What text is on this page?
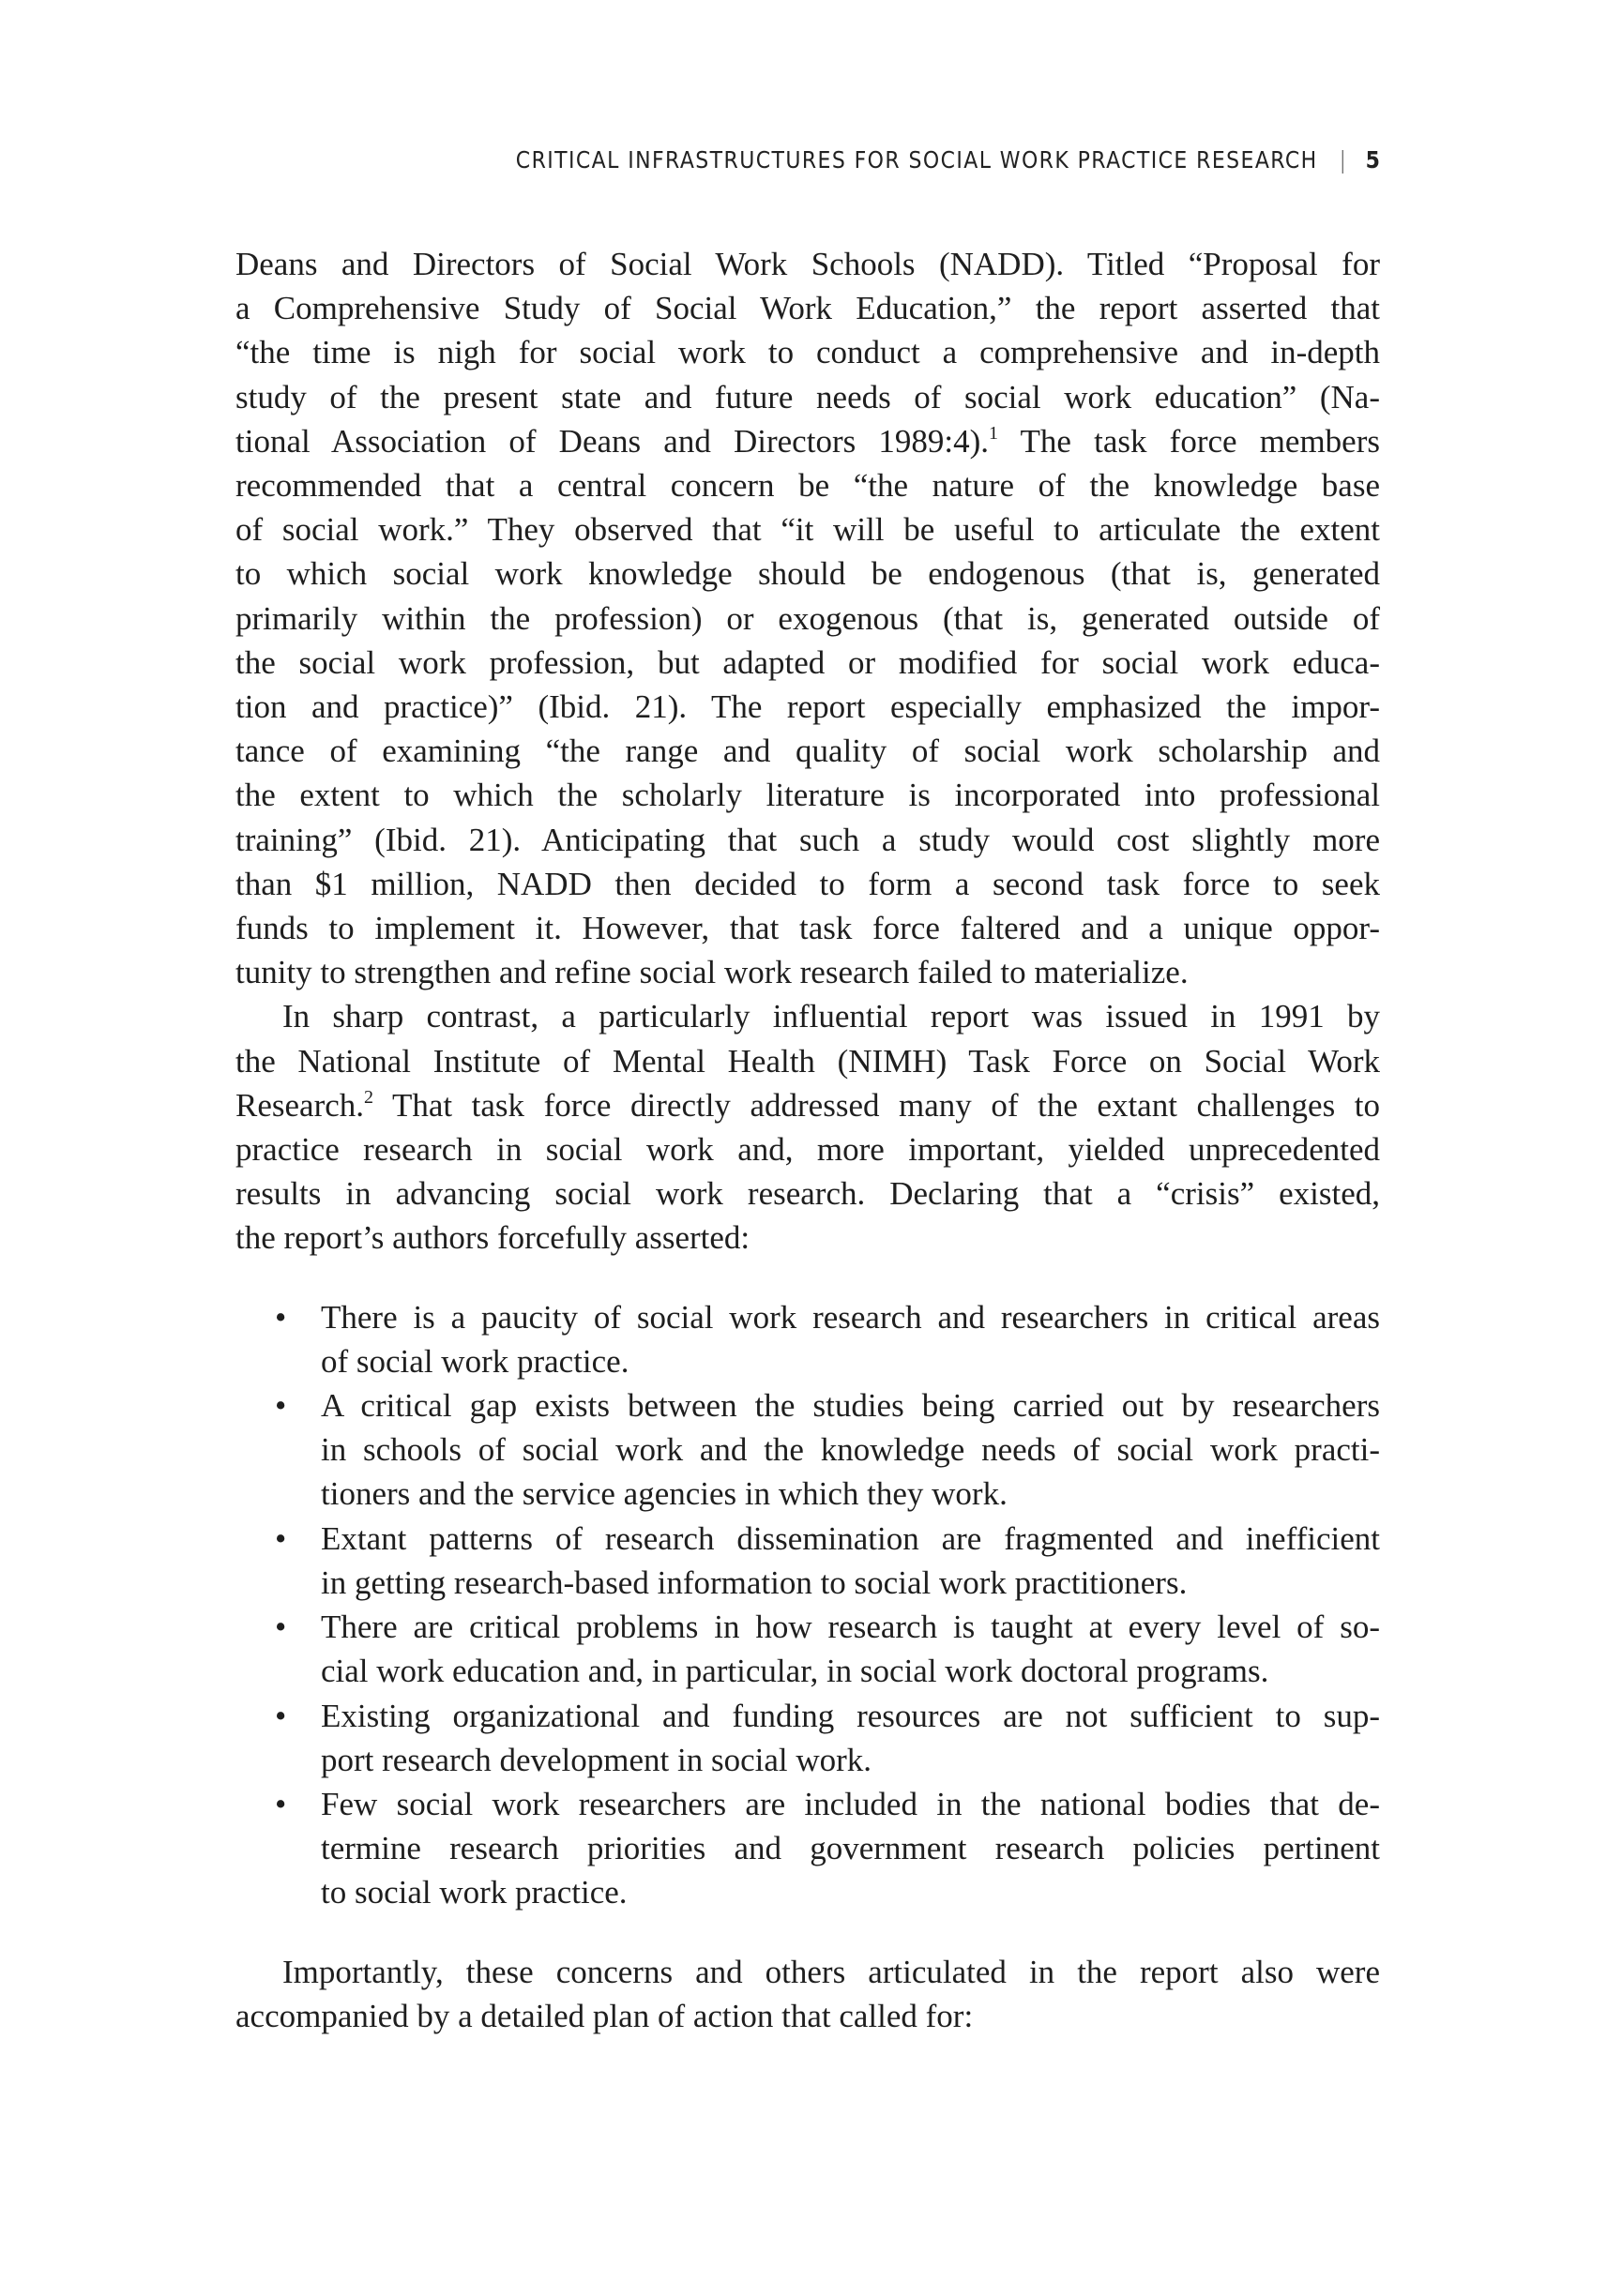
CRITICAL INFRASTRUCTURES FOR SOCIAL WORK PRACTICE RESEARCH | 5

Deans and Directors of Social Work Schools (NADD). Titled “Proposal for
a Comprehensive Study of Social Work Education,” the report asserted that
“the time is nigh for social work to conduct a comprehensive and in-depth
study of the present state and future needs of social work education” (Na-
tional Association of Deans and Directors 1989:4).$^1$ The task force members
recommended that a central concern be “the nature of the knowledge base
of social work.” They observed that “it will be useful to articulate the extent
to which social work knowledge should be endogenous (that is, generated
primarily within the profession) or exogenous (that is, generated outside of
the social work profession, but adapted or modified for social work educa-
tion and practice)” (Ibid. 21). The report especially emphasized the impor-
tance of examining “the range and quality of social work scholarship and
the extent to which the scholarly literature is incorporated into professional
training” (Ibid. 21). Anticipating that such a study would cost slightly more
than $1 million, NADD then decided to form a second task force to seek
funds to implement it. However, that task force faltered and a unique oppor-
tunity to strengthen and refine social work research failed to materialize.

In sharp contrast, a particularly influential report was issued in 1991 by
the National Institute of Mental Health (NIMH) Task Force on Social Work
Research.$^2$ That task force directly addressed many of the extant challenges to
practice research in social work and, more important, yielded unprecedented
results in advancing social work research. Declaring that a “crisis” existed,
the report’s authors forcefully asserted:

• There is a paucity of social work research and researchers in critical areas
of social work practice.
• A critical gap exists between the studies being carried out by researchers
in schools of social work and the knowledge needs of social work practi-
tioners and the service agencies in which they work.
• Extant patterns of research dissemination are fragmented and inefficient
in getting research-based information to social work practitioners.
• There are critical problems in how research is taught at every level of so-
cial work education and, in particular, in social work doctoral programs.
• Existing organizational and funding resources are not sufficient to sup-
port research development in social work.
• Few social work researchers are included in the national bodies that de-
termine research priorities and government research policies pertinent
to social work practice.

Importantly, these concerns and others articulated in the report also were
accompanied by a detailed plan of action that called for:
